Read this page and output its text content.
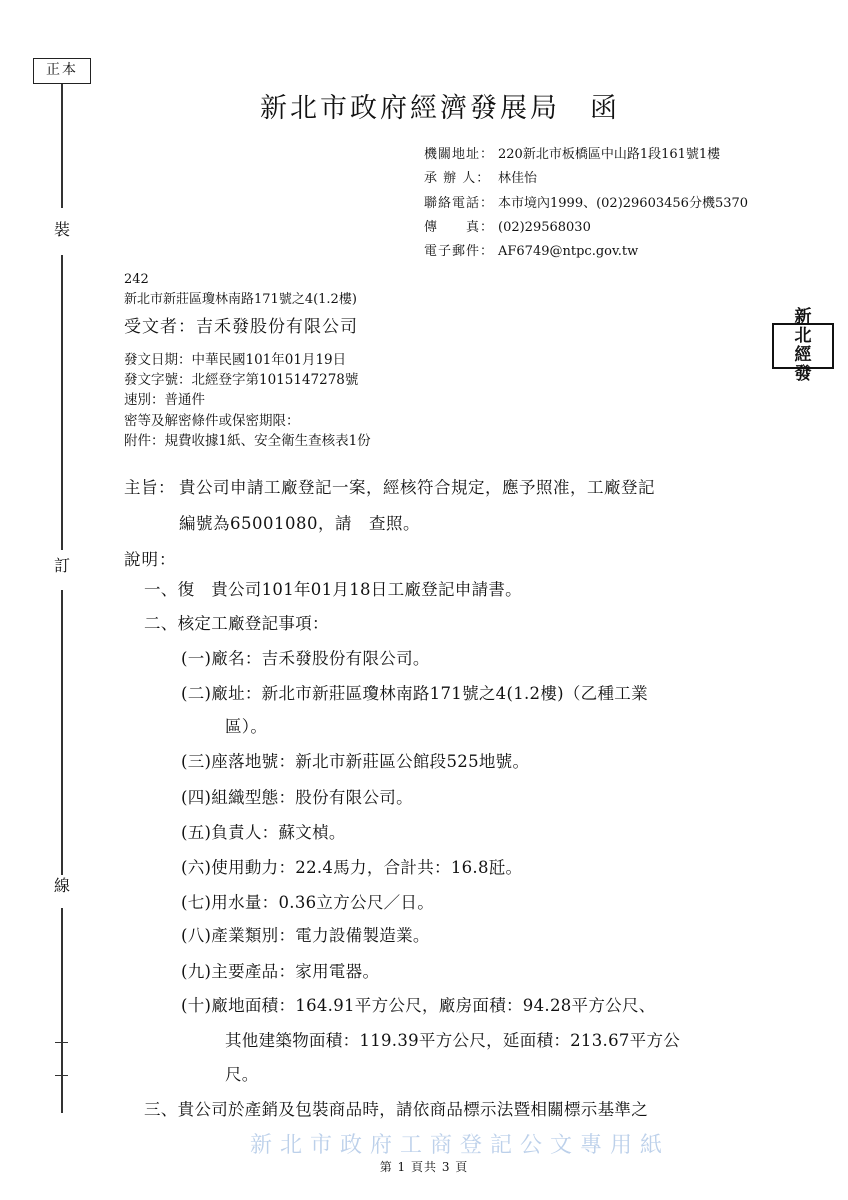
正本
裝
訂
線
新北市政府經濟發展局　函
機關地址： 220新北市板橋區中山路1段161號1樓
承 辦 人： 林佳怡
聯絡電話： 本市境內1999、(02)29603456分機5370
傳　　真： (02)29568030
電子郵件： AF6749@ntpc.gov.tw
242
新北市新莊區瓊林南路171號之4(1.2樓)
受文者：吉禾發股份有限公司
發文日期：中華民國101年01月19日
發文字號：北經登字第1015147278號
速別：普通件
密等及解密條件或保密期限：
附件：規費收據1紙、安全衛生查核表1份
新
北
經
發
主旨： 貴公司申請工廠登記一案，經核符合規定，應予照准，工廠登記
編號為65001080，請　查照。
說明：
一、復　貴公司101年01月18日工廠登記申請書。
二、核定工廠登記事項：
(一)廠名：吉禾發股份有限公司。
(二)廠址：新北市新莊區瓊林南路171號之4(1.2樓)（乙種工業
區）。
(三)座落地號：新北市新莊區公館段525地號。
(四)組織型態：股份有限公司。
(五)負責人：蘇文楨。
(六)使用動力：22.4馬力，合計共：16.8瓩。
(七)用水量：0.36立方公尺／日。
(八)產業類別：電力設備製造業。
(九)主要產品：家用電器。
(十)廠地面積：164.91平方公尺，廠房面積：94.28平方公尺、
其他建築物面積：119.39平方公尺，延面積：213.67平方公
尺。
三、貴公司於產銷及包裝商品時，請依商品標示法暨相關標示基準之
新北市政府工商登記公文專用紙
第 1 頁共 3 頁
